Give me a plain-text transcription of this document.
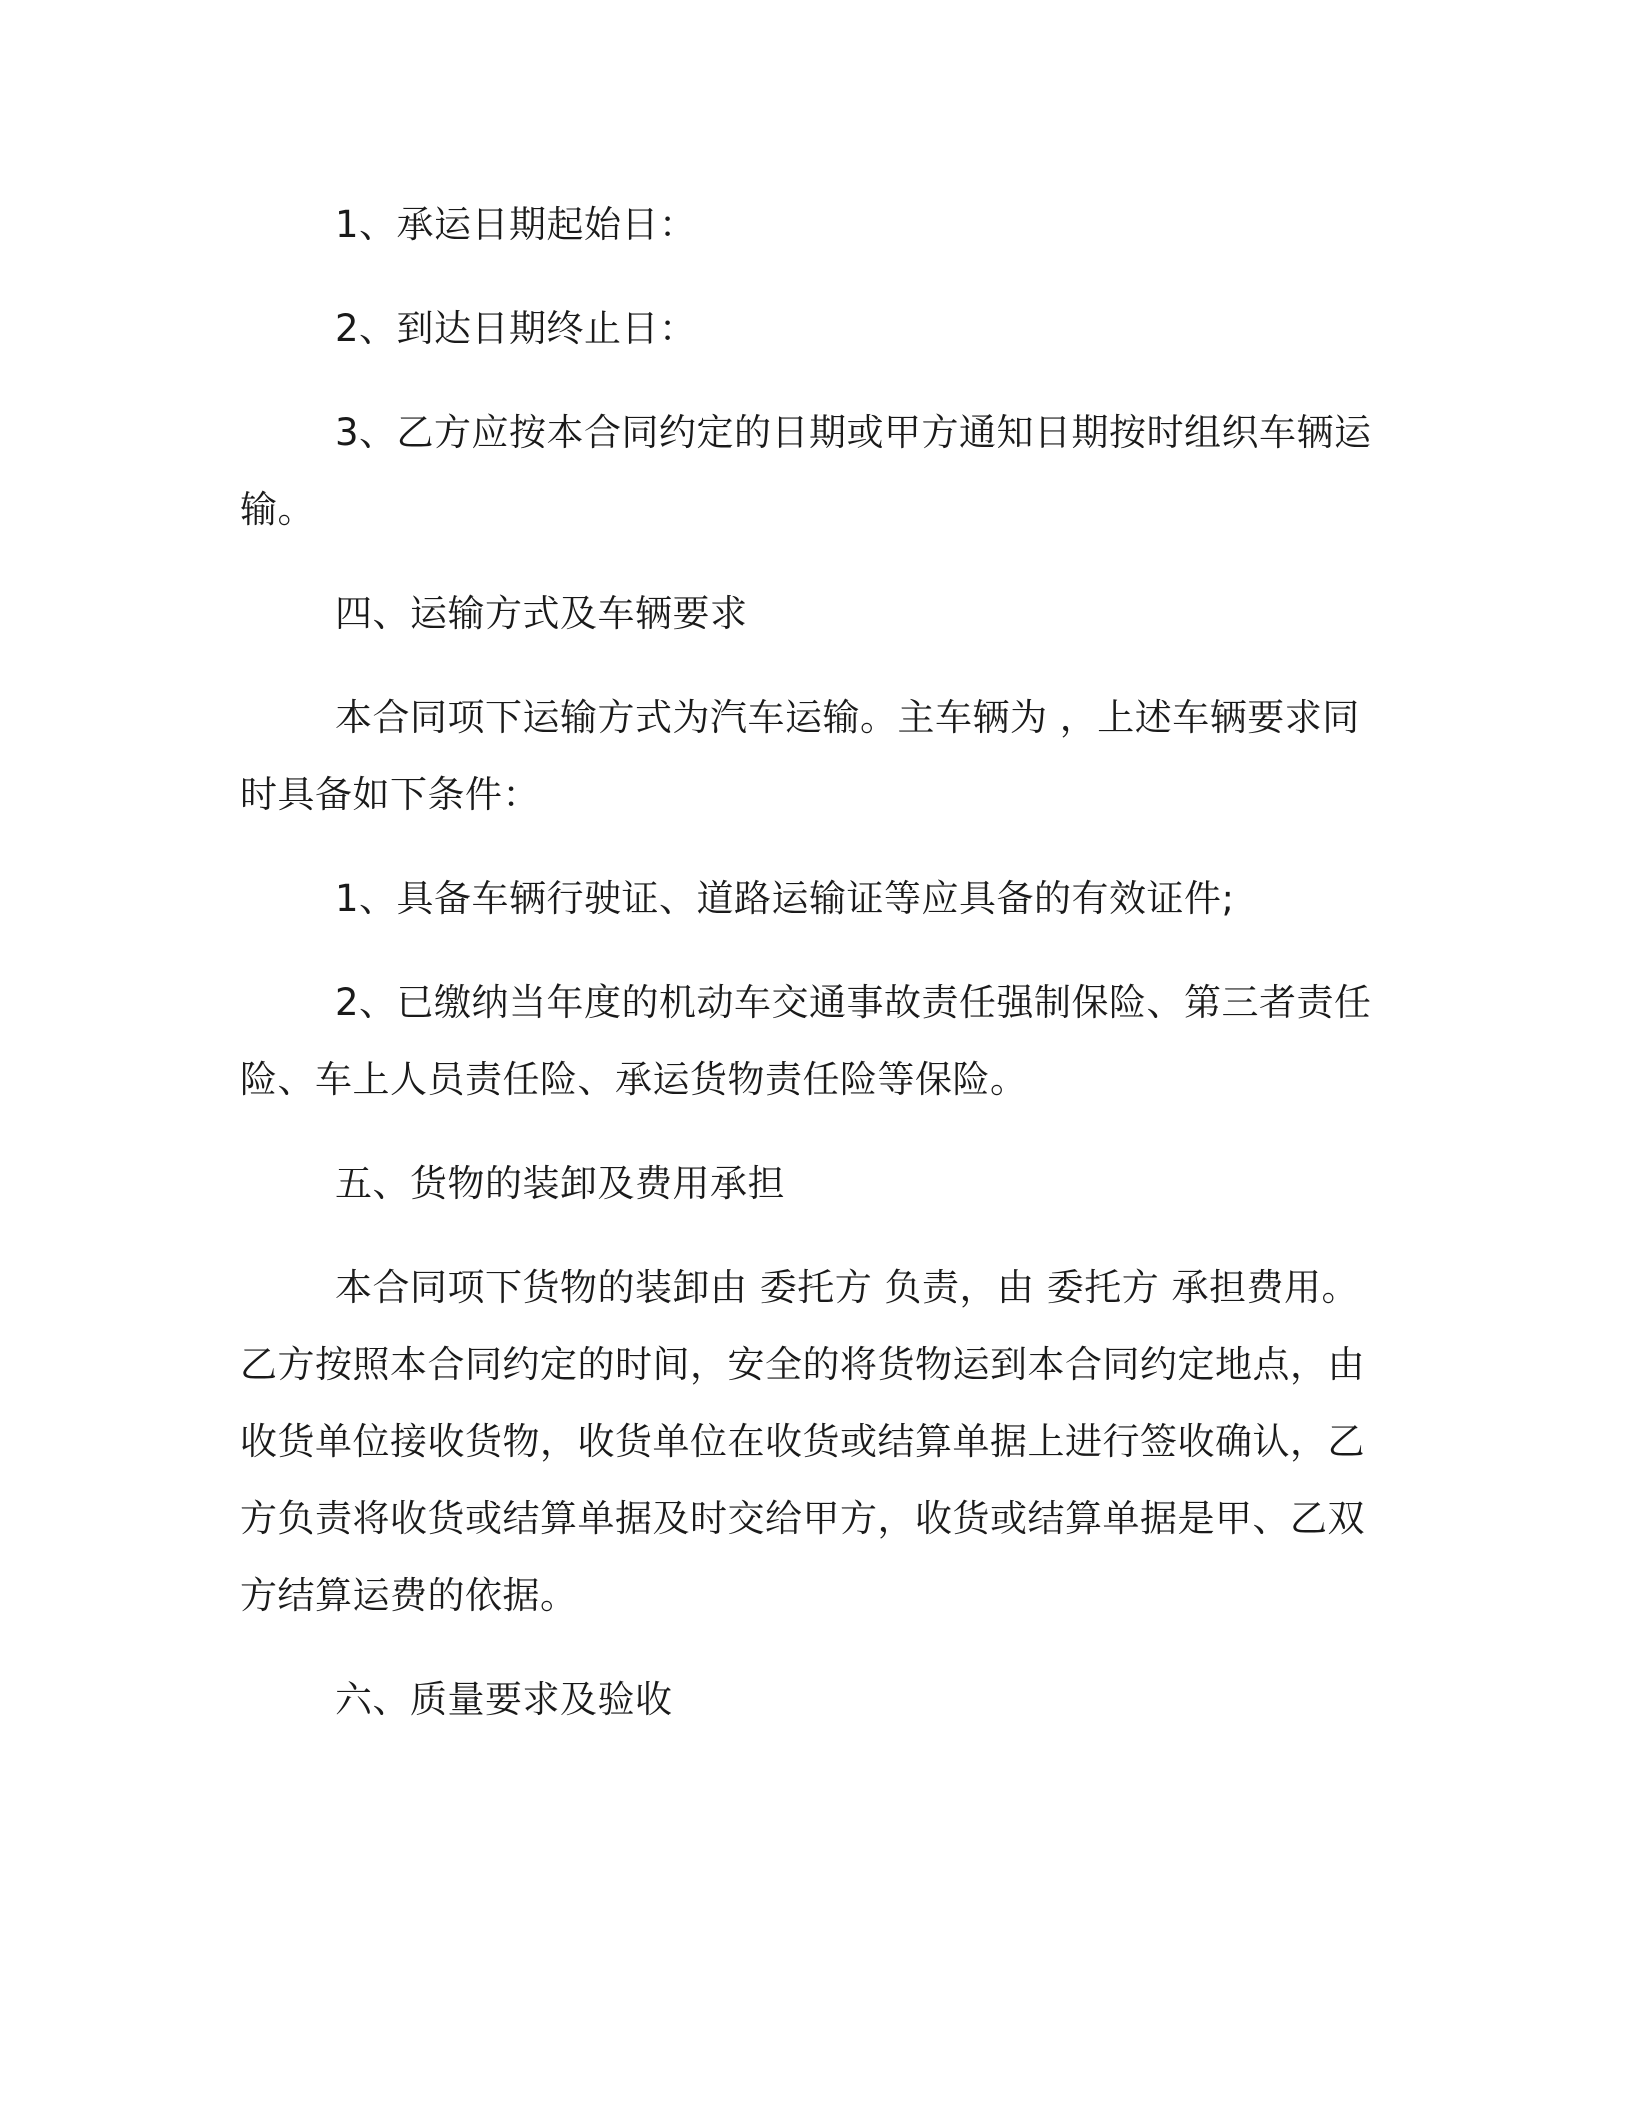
1、承运日期起始日：

2、到达日期终止日：

3、乙方应按本合同约定的日期或甲方通知日期按时组织车辆运输。

四、运输方式及车辆要求

本合同项下运输方式为汽车运输。主车辆为 ，上述车辆要求同时具备如下条件：

1、具备车辆行驶证、道路运输证等应具备的有效证件;

2、已缴纳当年度的机动车交通事故责任强制保险、第三者责任险、车上人员责任险、承运货物责任险等保险。

五、货物的装卸及费用承担

本合同项下货物的装卸由 委托方 负责，由 委托方 承担费用。乙方按照本合同约定的时间，安全的将货物运到本合同约定地点，由收货单位接收货物，收货单位在收货或结算单据上进行签收确认，乙方负责将收货或结算单据及时交给甲方，收货或结算单据是甲、乙双方结算运费的依据。

六、质量要求及验收
